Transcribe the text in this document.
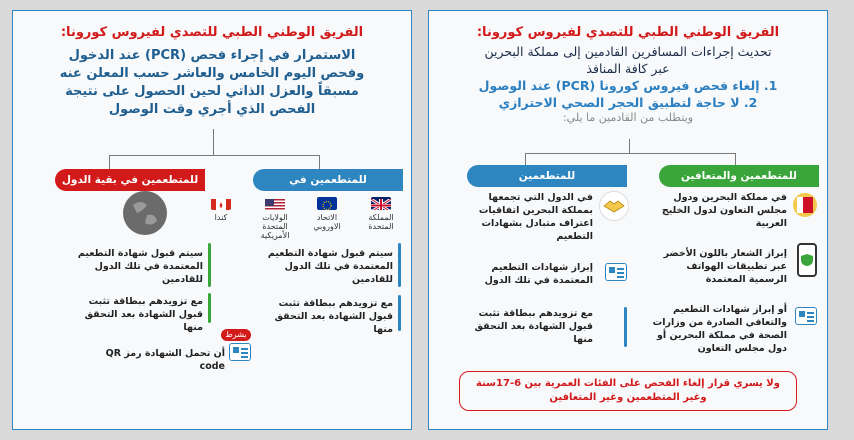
الفريق الوطني الطبي للتصدي لفيروس كورونا:
الاستمرار في إجراء فحص (PCR) عند الدخول
وفحص اليوم الخامس والعاشر حسب المعلن عنه
مسبقاً والعزل الذاتي لحين الحصول على نتيجة
الفحص الذي أجري وقت الوصول
للمتطعمين في
للمتطعمين في بقية الدول
المملكة المتحدة
الاتحاد الاوروبي
الولايات المتحدة الأمريكية
كندا
سيتم قبول شهادة التطعيم المعتمدة في تلك الدول للقادمين
مع تزويدهم ببطاقة تثبت قبول الشهادة بعد التحقق منها
سيتم قبول شهادة التطعيم المعتمدة في تلك الدول للقادمين
مع تزويدهم ببطاقة تثبت قبول الشهادة بعد التحقق منها
بشرط
أن تحمل الشهادة رمز QR code
الفريق الوطني الطبي للتصدي لفيروس كورونا:
تحديث إجراءات المسافرين القادمين إلى مملكة البحرين
عبر كافة المنافذ
1. إلغاء فحص فيروس كورونا (PCR) عند الوصول
2. لا حاجة لتطبيق الحجر الصحي الاحترازي
ويتطلب من القادمين ما يلي:
للمتطعمين والمتعافين
للمتطعمين
في مملكة البحرين ودول مجلس التعاون لدول الخليج العربية
إبراز الشعار باللون الأخضر عبر تطبيقات الهواتف الرسمية المعتمدة
أو إبراز شهادات التطعيم والتعافي الصادرة من وزارات الصحة في مملكة البحرين أو دول مجلس التعاون
في الدول التي تجمعها بمملكة البحرين اتفاقيات اعتراف متبادل بشهادات التطعيم
إبراز شهادات التطعيم المعتمدة في تلك الدول
مع تزويدهم ببطاقة تثبت قبول الشهادة بعد التحقق منها
ولا يسري قرار إلغاء الفحص على الفئات العمرية بين 6-17سنة وغير المتطعمين وغير المتعافين
